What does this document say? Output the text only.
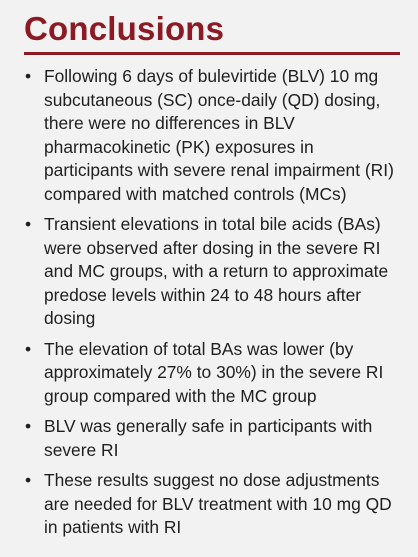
Conclusions
• Following 6 days of bulevirtide (BLV) 10 mg subcutaneous (SC) once-daily (QD) dosing, there were no differences in BLV pharmacokinetic (PK) exposures in participants with severe renal impairment (RI) compared with matched controls (MCs)
• Transient elevations in total bile acids (BAs) were observed after dosing in the severe RI and MC groups, with a return to approximate predose levels within 24 to 48 hours after dosing
• The elevation of total BAs was lower (by approximately 27% to 30%) in the severe RI group compared with the MC group
• BLV was generally safe in participants with severe RI
• These results suggest no dose adjustments are needed for BLV treatment with 10 mg QD in patients with RI
